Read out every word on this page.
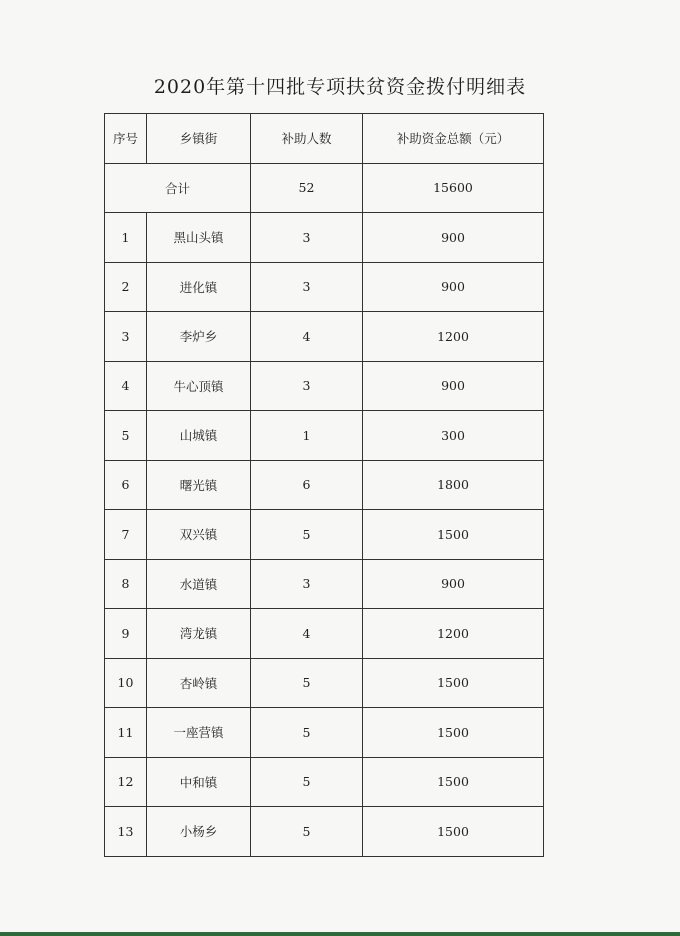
2020年第十四批专项扶贫资金拨付明细表
序号	乡镇街	补助人数	补助资金总额（元）
合计		52	15600
1	黑山头镇	3	900
2	进化镇	3	900
3	李炉乡	4	1200
4	牛心顶镇	3	900
5	山城镇	1	300
6	曙光镇	6	1800
7	双兴镇	5	1500
8	水道镇	3	900
9	湾龙镇	4	1200
10	杏岭镇	5	1500
11	一座营镇	5	1500
12	中和镇	5	1500
13	小杨乡	5	1500
